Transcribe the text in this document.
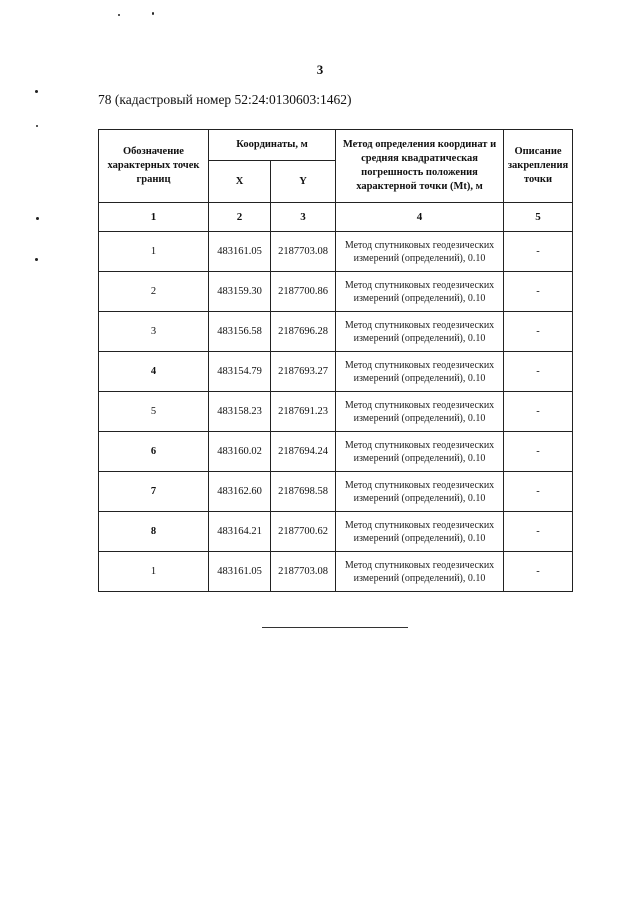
3
78 (кадастровый номер 52:24:0130603:1462)
Обозначение характерных точек границ	Координаты, м		Метод определения координат и средняя квадратическая погрешность положения характерной точки (Mt), м	Описание закрепления точки
	X	Y		
1	2	3	4	5
1	483161.05	2187703.08	Метод спутниковых геодезических измерений (определений), 0.10	-
2	483159.30	2187700.86	Метод спутниковых геодезических измерений (определений), 0.10	-
3	483156.58	2187696.28	Метод спутниковых геодезических измерений (определений), 0.10	-
4	483154.79	2187693.27	Метод спутниковых геодезических измерений (определений), 0.10	-
5	483158.23	2187691.23	Метод спутниковых геодезических измерений (определений), 0.10	-
6	483160.02	2187694.24	Метод спутниковых геодезических измерений (определений), 0.10	-
7	483162.60	2187698.58	Метод спутниковых геодезических измерений (определений), 0.10	-
8	483164.21	2187700.62	Метод спутниковых геодезических измерений (определений), 0.10	-
1	483161.05	2187703.08	Метод спутниковых геодезических измерений (определений), 0.10	-
